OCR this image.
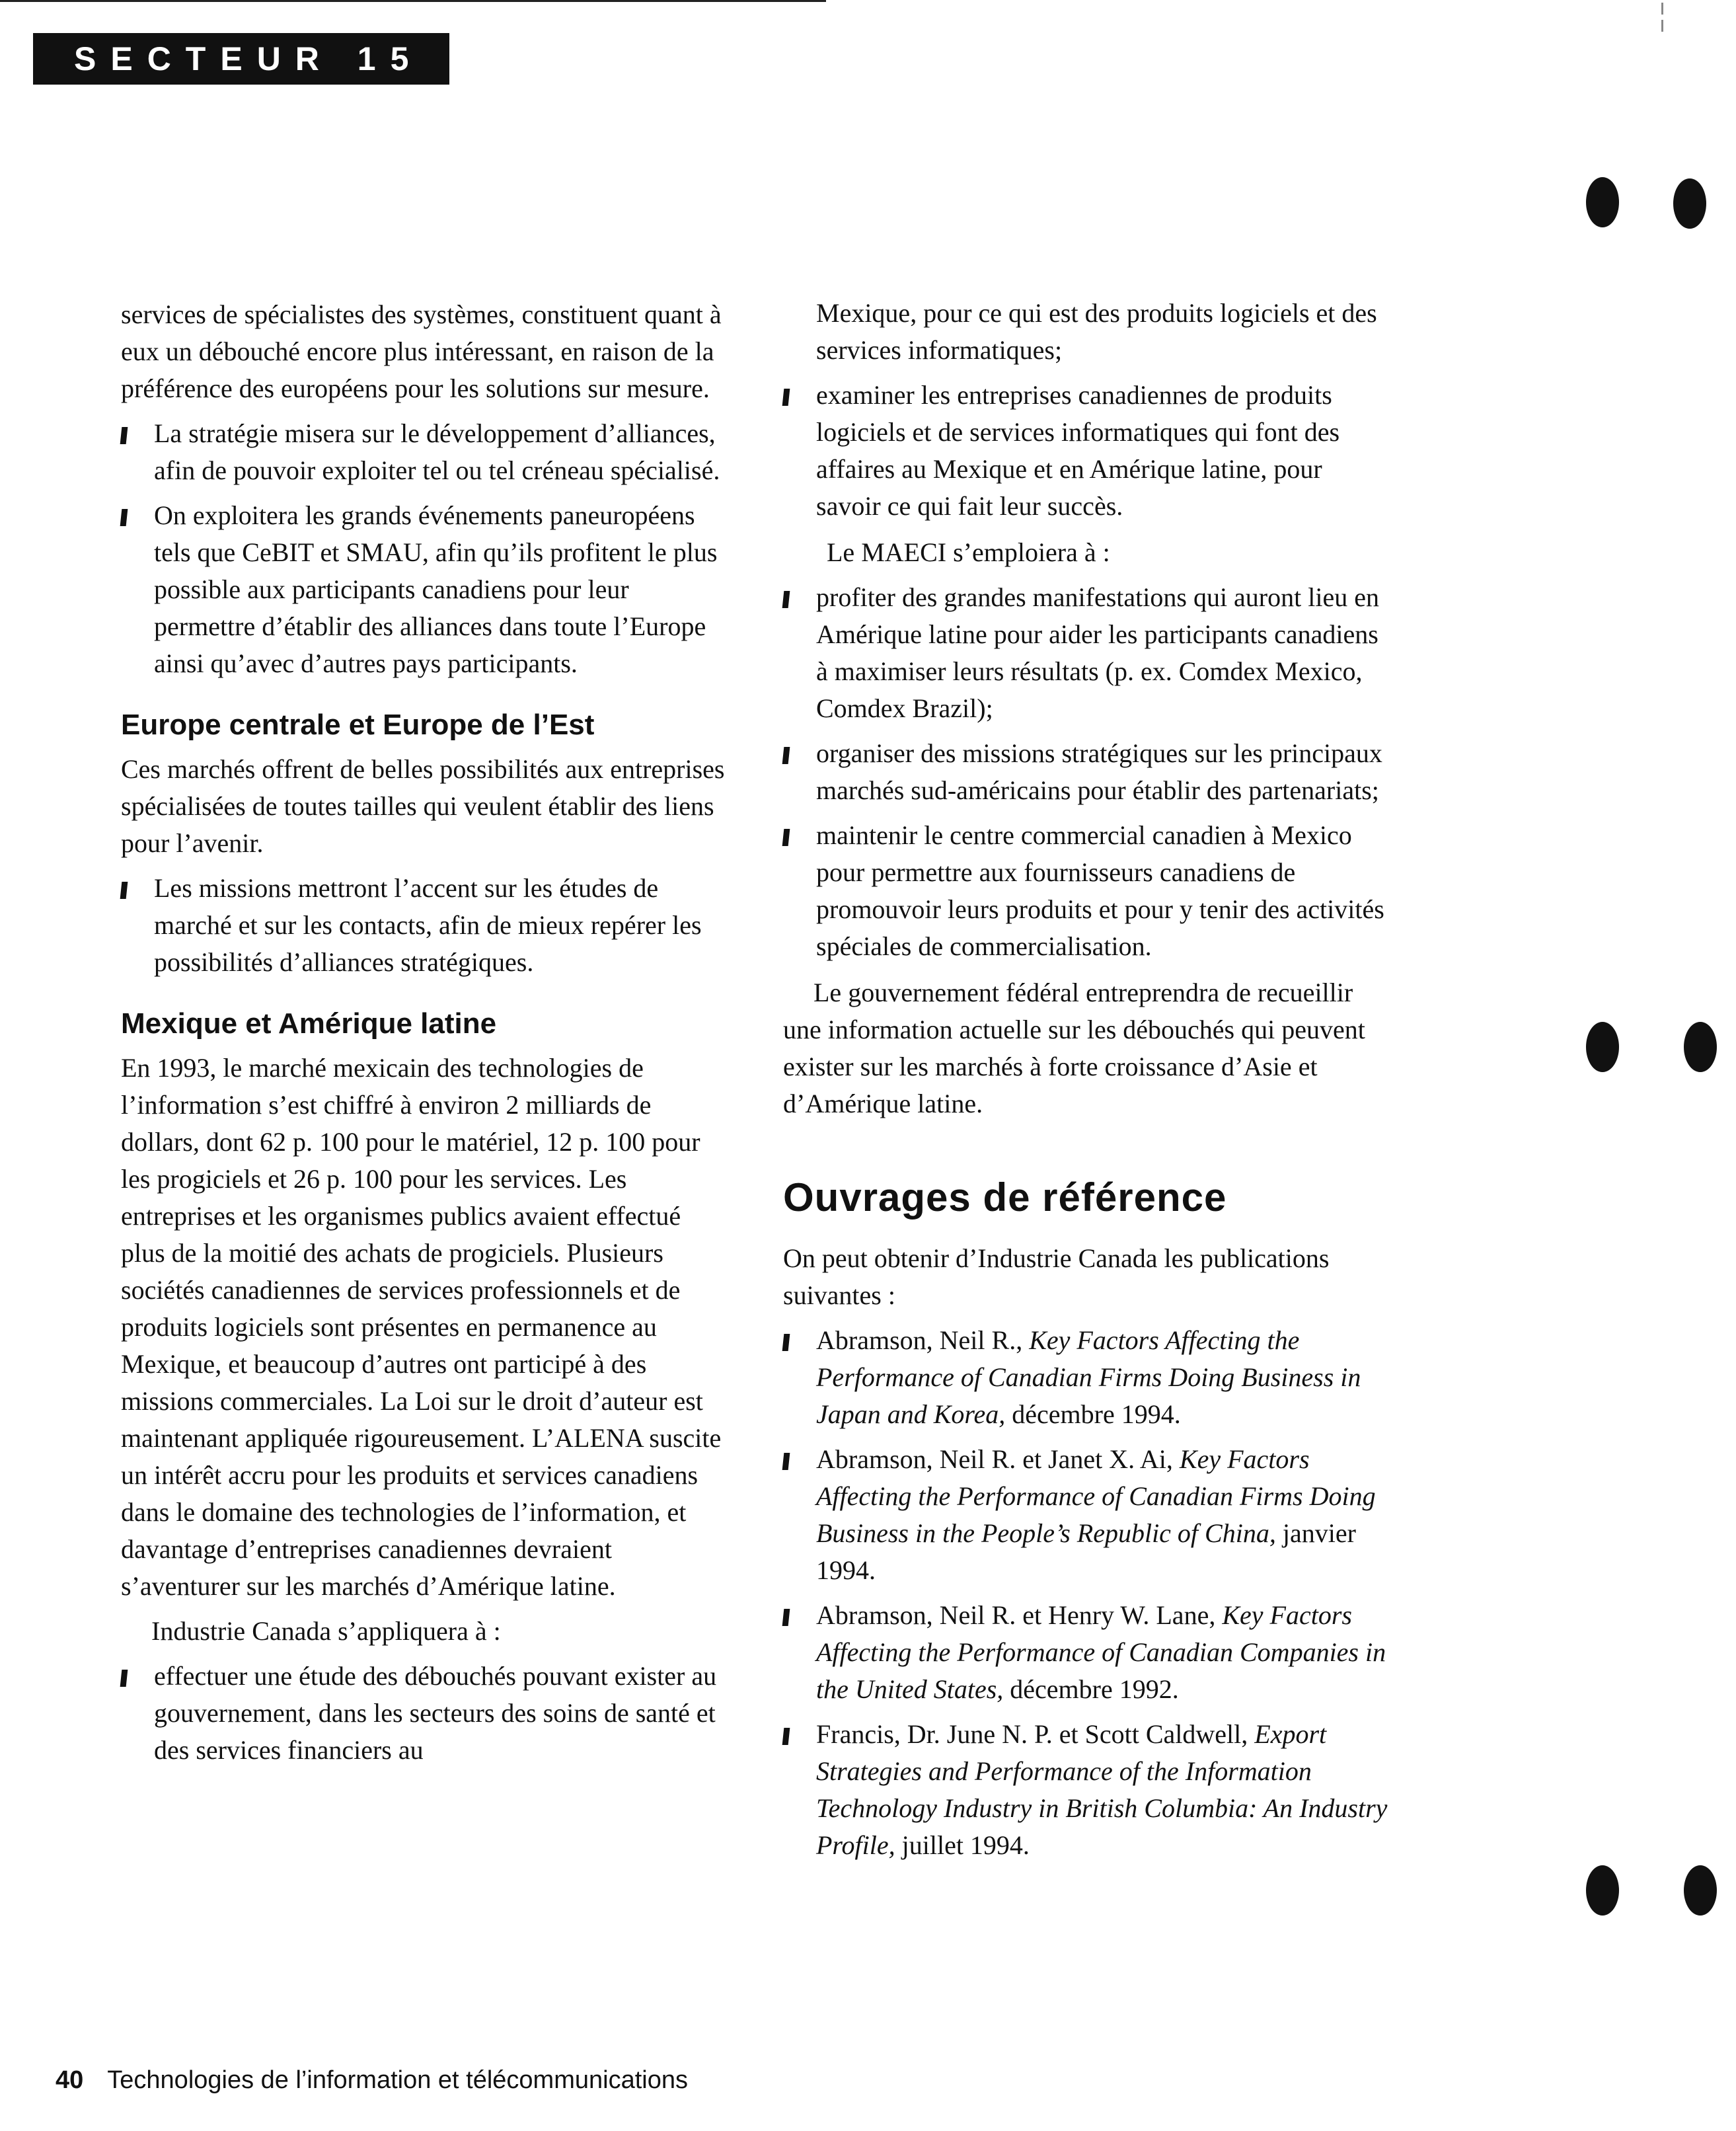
SECTEUR 15

services de spécialistes des systèmes, constituent quant à eux un débouché encore plus intéressant, en raison de la préférence des européens pour les solutions sur mesure.

La stratégie misera sur le développement d’alliances, afin de pouvoir exploiter tel ou tel créneau spécialisé.
On exploitera les grands événements paneuropéens tels que CeBIT et SMAU, afin qu’ils profitent le plus possible aux participants canadiens pour leur permettre d’établir des alliances dans toute l’Europe ainsi qu’avec d’autres pays participants.
Europe centrale et Europe de l’Est

Ces marchés offrent de belles possibilités aux entreprises spécialisées de toutes tailles qui veulent établir des liens pour l’avenir.

Les missions mettront l’accent sur les études de marché et sur les contacts, afin de mieux repérer les possibilités d’alliances stratégiques.
Mexique et Amérique latine

En 1993, le marché mexicain des technologies de l’information s’est chiffré à environ 2 milliards de dollars, dont 62 p. 100 pour le matériel, 12 p. 100 pour les progiciels et 26 p. 100 pour les services. Les entreprises et les organismes publics avaient effectué plus de la moitié des achats de progiciels. Plusieurs sociétés canadiennes de services professionnels et de produits logiciels sont présentes en permanence au Mexique, et beaucoup d’autres ont participé à des missions commerciales. La Loi sur le droit d’auteur est maintenant appliquée rigoureusement. L’ALENA suscite un intérêt accru pour les produits et services canadiens dans le domaine des technologies de l’information, et davantage d’entreprises canadiennes devraient s’aventurer sur les marchés d’Amérique latine.

Industrie Canada s’appliquera à :

effectuer une étude des débouchés pouvant exister au gouvernement, dans les secteurs des soins de santé et des services financiers au

Mexique, pour ce qui est des produits logiciels et des services informatiques;

examiner les entreprises canadiennes de produits logiciels et de services informatiques qui font des affaires au Mexique et en Amérique latine, pour savoir ce qui fait leur succès.

Le MAECI s’emploiera à :

profiter des grandes manifestations qui auront lieu en Amérique latine pour aider les participants canadiens à maximiser leurs résultats (p. ex. Comdex Mexico, Comdex Brazil);
organiser des missions stratégiques sur les principaux marchés sud-américains pour établir des partenariats;
maintenir le centre commercial canadien à Mexico pour permettre aux fournisseurs canadiens de promouvoir leurs produits et pour y tenir des activités spéciales de commercialisation.

Le gouvernement fédéral entreprendra de recueillir une information actuelle sur les débouchés qui peuvent exister sur les marchés à forte croissance d’Asie et d’Amérique latine.

Ouvrages de référence

On peut obtenir d’Industrie Canada les publications suivantes :

Abramson, Neil R., Key Factors Affecting the Performance of Canadian Firms Doing Business in Japan and Korea, décembre 1994.
Abramson, Neil R. et Janet X. Ai, Key Factors Affecting the Performance of Canadian Firms Doing Business in the People’s Republic of China, janvier 1994.
Abramson, Neil R. et Henry W. Lane, Key Factors Affecting the Performance of Canadian Companies in the United States, décembre 1992.
Francis, Dr. June N. P. et Scott Caldwell, Export Strategies and Performance of the Information Technology Industry in British Columbia: An Industry Profile, juillet 1994.
40 Technologies de l’information et télécommunications
